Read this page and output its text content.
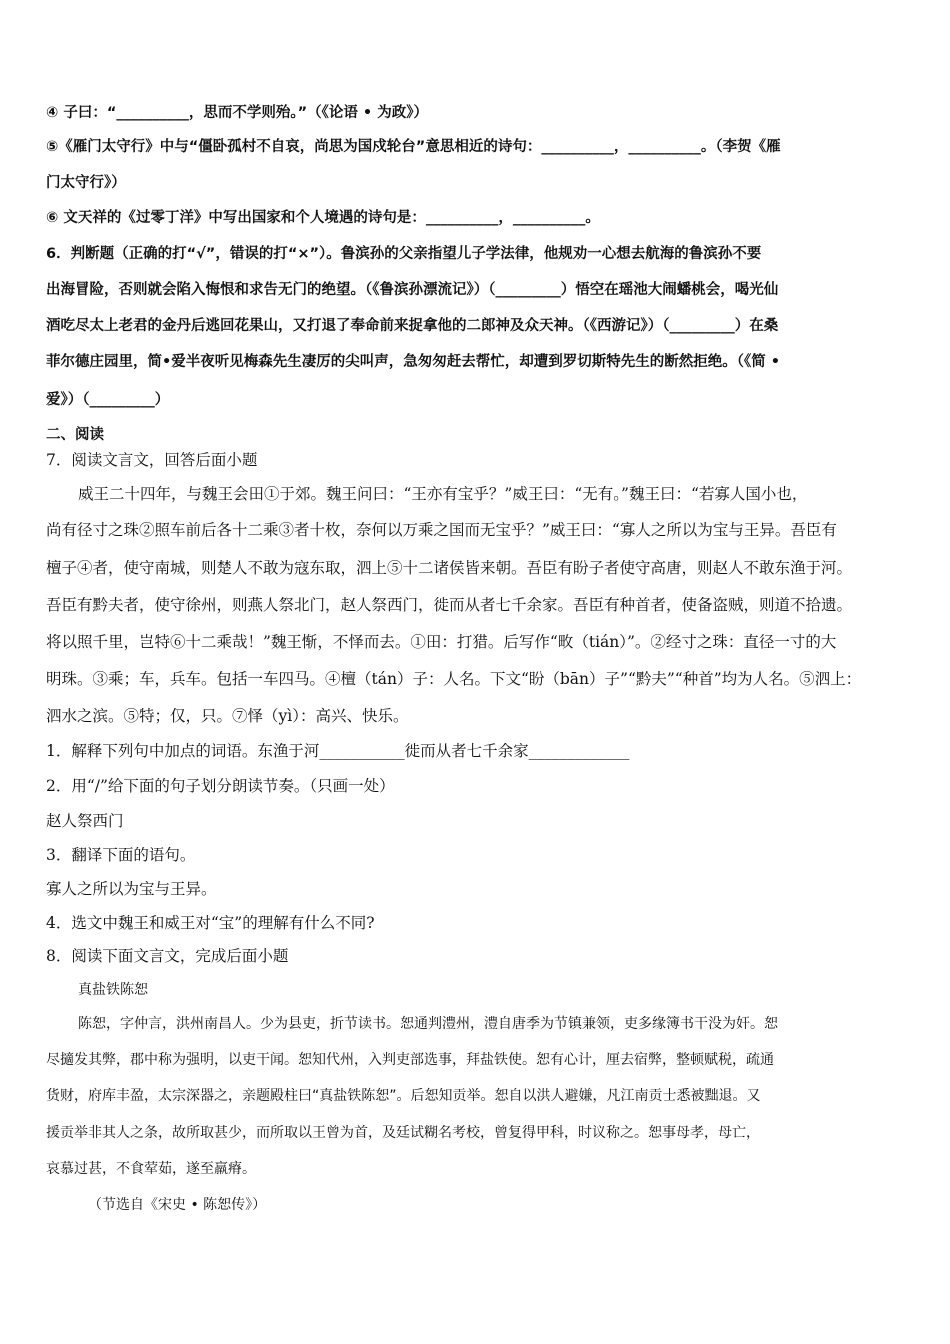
④ 子曰：“__________，思而不学则殆。”（《论语 • 为政》）
⑤《雁门太守行》中与“僵卧孤村不自哀，尚思为国戍轮台”意思相近的诗句：__________，__________。（李贺《雁
门太守行》）
⑥ 文天祥的《过零丁洋》中写出国家和个人境遇的诗句是：__________，__________。
6．判断题（正确的打“√”，错误的打“×”）。鲁滨孙的父亲指望儿子学法律，他规劝一心想去航海的鲁滨孙不要
出海冒险，否则就会陷入悔恨和求告无门的绝望。（《鲁滨孙漂流记》）（_________）悟空在瑶池大闹蟠桃会，喝光仙
酒吃尽太上老君的金丹后逃回花果山，又打退了奉命前来捉拿他的二郎神及众天神。（《西游记》）（_________）在桑
菲尔德庄园里，简•爱半夜听见梅森先生凄厉的尖叫声，急匆匆赶去帮忙，却遭到罗切斯特先生的断然拒绝。（《简 •
爱》）（_________）
二、阅读
7．阅读文言文，回答后面小题
威王二十四年，与魏王会田①于郊。魏王问曰：“王亦有宝乎？”威王曰：“无有。”魏王曰：“若寡人国小也，
尚有径寸之珠②照车前后各十二乘③者十枚，奈何以万乘之国而无宝乎？”威王曰：“寡人之所以为宝与王异。吾臣有
檀子④者，使守南城，则楚人不敢为寇东取，泗上⑤十二诸侯皆来朝。吾臣有盼子者使守高唐，则赵人不敢东渔于河。
吾臣有黔夫者，使守徐州，则燕人祭北门，赵人祭西门，徙而从者七千余家。吾臣有种首者，使备盗贼，则道不拾遗。
将以照千里，岂特⑥十二乘哉！”魏王惭，不怿而去。①田：打猎。后写作“畋（tián）”。②经寸之珠：直径一寸的大
明珠。③乘；车，兵车。包括一车四马。④檀（tán）子：人名。下文“盼（bān）子”“黔夫”“种首”均为人名。⑤泗上：
泗水之滨。⑤特；仅，只。⑦怿（yì）：高兴、快乐。
1．解释下列句中加点的词语。东渔于河___________徙而从者七千余家_____________
2．用“/”给下面的句子划分朗读节奏。（只画一处）
赵人祭西门
3．翻译下面的语句。
寡人之所以为宝与王异。
4．选文中魏王和威王对“宝”的理解有什么不同?
8．阅读下面文言文，完成后面小题
真盐铁陈恕
陈恕，字仲言，洪州南昌人。少为县吏，折节读书。恕通判澧州，澧自唐季为节镇兼领，吏多缘簿书干没为奸。恕
尽擿发其弊，郡中称为强明，以吏干闻。恕知代州，入判吏部选事，拜盐铁使。恕有心计，厘去宿弊，整顿赋税，疏通
货财，府库丰盈，太宗深器之，亲题殿柱曰“真盐铁陈恕”。后恕知贡举。恕自以洪人避嫌，凡江南贡士悉被黜退。又
援贡举非其人之条，故所取甚少，而所取以王曾为首，及廷试糊名考校，曾复得甲科，时议称之。恕事母孝，母亡，
哀慕过甚，不食荤茹，遂至羸瘠。
（节选自《宋史 • 陈恕传》）
